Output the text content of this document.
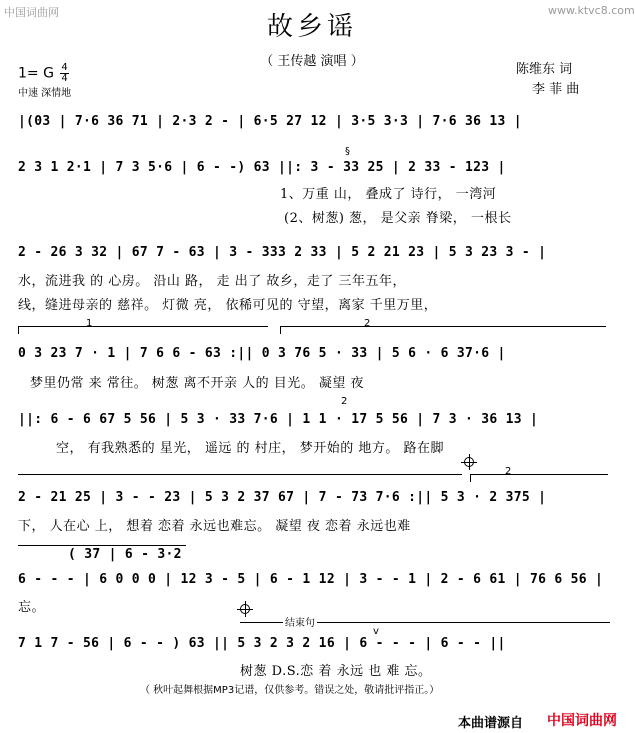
中国词曲网	www.ktvc8.com
故乡谣
（ 王传越 演唱 ）
陈维东 词
李 菲 曲
1= G $\frac{4}{4}$
中速 深情地
|(03 | 7·6 36 71 | 2·3 2 - | 6·5 27 12 | 3·5 3·3 | 7·6 36 13 |
2 3 1 2·1 | 7 3 5·6 | 6 - -) 63 ||: 3 - 33 25 | 2 33 - 123 |
§
1、万重 山， 叠成了 诗行， 一湾河
(2、树葱) 葱， 是父亲 脊梁， 一根长
2 - 26 3 32 | 67 7 - 63 | 3 - 333 2 33 | 5 2 21 23 | 5 3 23 3 - |
水，流进我 的 心房。 沿山 路， 走 出了 故乡，走了 三年五年，
线，缝进母亲的 慈祥。 灯微 亮， 依稀可见的 守望，离家 千里万里，
1	2
0 3 23 7 · 1 | 7 6 6 - 63 :|| 0 3 76 5 · 33 | 5 6 · 6 37·6 |
梦里仍常 来 常往。 树葱 离不开亲 人的 目光。 凝望 夜
||: 6 - 6 67 5 56 | 5 3 · 33 7·6 | 1 1 · 17 5 56 | 7 3 · 36 13 |
2
空， 有我熟悉的 星光， 遥远 的 村庄， 梦开始的 地方。 路在脚
2
2 - 21 25 | 3 - - 23 | 5 3 2 37 67 | 7 - 73 7·6 :|| 5 3 · 2 375 |
下， 人在心 上， 想着 恋着 永远也难忘。 凝望 夜 恋着 永远也难
( 37 | 6 - 3·2
6 - - - | 6 0 0 0 | 12 3 - 5 | 6 - 1 12 | 3 - - 1 | 2 - 6 61 | 76 6 56 |
忘。
结束句
v
7 1 7 - 56 | 6 - - ) 63 || 5 3 2 3 2 16 | 6 - - - | 6 - - ||
树葱 D.S.恋 着 永远 也 难 忘。
（ 秋叶起舞根据MP3记谱，仅供参考。错误之处，敬请批评指正。）
本曲谱源自 中国词曲网
